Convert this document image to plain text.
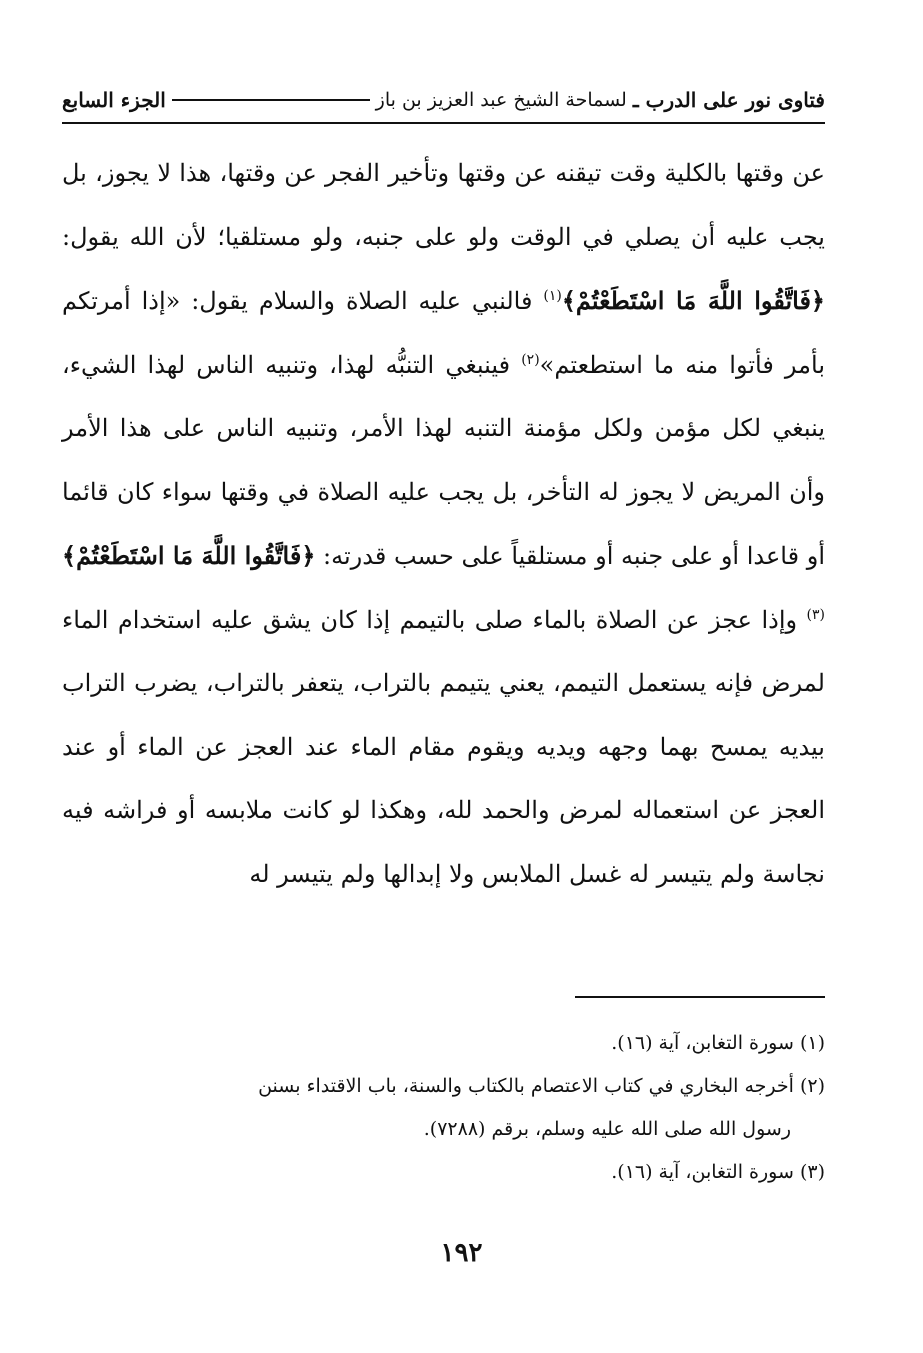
فتاوى نور على الدرب ـ
لسماحة الشيخ عبد العزيز بن باز
الجزء السابع

عن وقتها بالكلية وقت تيقنه عن وقتها وتأخير الفجر عن وقتها، هذا لا يجوز، بل يجب عليه أن يصلي في الوقت ولو على جنبه، ولو مستلقيا؛ لأن الله يقول: ﴿فَاتَّقُوا اللَّهَ مَا اسْتَطَعْتُمْ﴾$^{(١)}$ فالنبي عليه الصلاة والسلام يقول: «إذا أمرتكم بأمر فأتوا منه ما استطعتم»$^{(٢)}$ فينبغي التنبُّه لهذا، وتنبيه الناس لهذا الشيء، ينبغي لكل مؤمن ولكل مؤمنة التنبه لهذا الأمر، وتنبيه الناس على هذا الأمر وأن المريض لا يجوز له التأخر، بل يجب عليه الصلاة في وقتها سواء كان قائما أو قاعدا أو على جنبه أو مستلقياً على حسب قدرته: ﴿فَاتَّقُوا اللَّهَ مَا اسْتَطَعْتُمْ﴾$^{(٣)}$ وإذا عجز عن الصلاة بالماء صلى بالتيمم إذا كان يشق عليه استخدام الماء لمرض فإنه يستعمل التيمم، يعني يتيمم بالتراب، يتعفر بالتراب، يضرب التراب بيديه يمسح بهما وجهه ويديه ويقوم مقام الماء عند العجز عن الماء أو عند العجز عن استعماله لمرض والحمد لله، وهكذا لو كانت ملابسه أو فراشه فيه نجاسة ولم يتيسر له غسل الملابس ولا إبدالها ولم يتيسر له

(١) سورة التغابن، آية (١٦).
(٢) أخرجه البخاري في كتاب الاعتصام بالكتاب والسنة، باب الاقتداء بسنن
رسول الله صلى الله عليه وسلم، برقم (٧٢٨٨).
(٣) سورة التغابن، آية (١٦).
١٩٢
